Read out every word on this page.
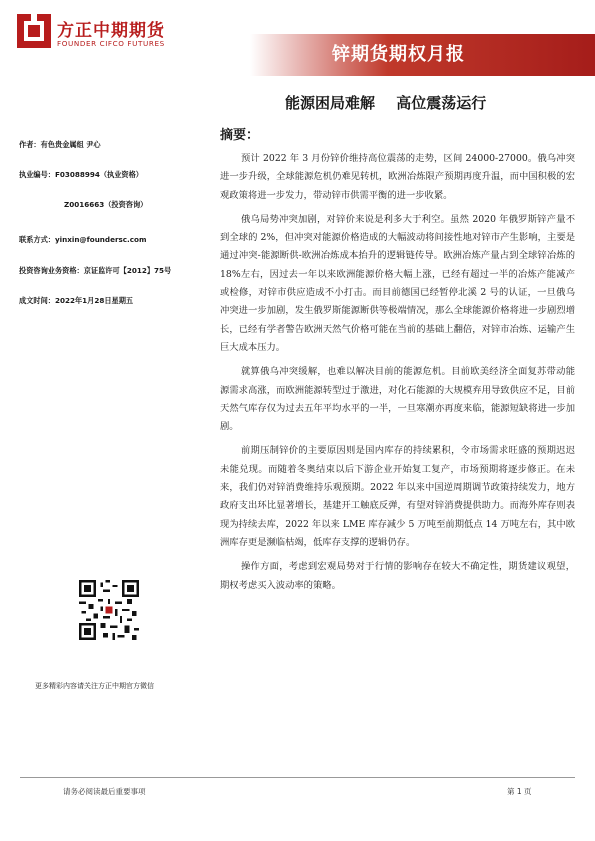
方正中期期货
FOUNDER CIFCO FUTURES
锌期货期权月报
能源困局难解 高位震荡运行
作者：有色贵金属组 尹心
执业编号：F03088994（执业资格）
Z0016663（投资咨询）
联系方式：yinxin@foundersc.com
投资咨询业务资格：京证监许可【2012】75号
成文时间：2022年1月28日星期五
更多精彩内容请关注方正中期官方微信
摘要：

预计 2022 年 3 月份锌价维持高位震荡的走势，区间 24000-27000。俄乌冲突进一步升级，全球能源危机仍难见转机，欧洲冶炼限产预期再度升温，而中国积极的宏观政策将进一步发力，带动锌市供需平衡的进一步收紧。

俄乌局势冲突加剧，对锌价来说是利多大于利空。虽然 2020 年俄罗斯锌产量不到全球的 2%，但冲突对能源价格造成的大幅波动将间接性地对锌市产生影响，主要是通过冲突-能源断供-欧洲冶炼成本抬升的逻辑链传导。欧洲冶炼产量占到全球锌冶炼的 18%左右，因过去一年以来欧洲能源价格大幅上涨，已经有超过一半的冶炼产能减产或检修，对锌市供应造成不小打击。而目前德国已经暂停北溪 2 号的认证，一旦俄乌冲突进一步加剧，发生俄罗斯能源断供等极端情况，那么全球能源价格将进一步剧烈增长，已经有学者警告欧洲天然气价格可能在当前的基础上翻倍，对锌市冶炼、运输产生巨大成本压力。

就算俄乌冲突缓解，也难以解决目前的能源危机。目前欧美经济全面复苏带动能源需求高涨，而欧洲能源转型过于激进，对化石能源的大规模弃用导致供应不足，目前天然气库存仅为过去五年平均水平的一半，一旦寒潮亦再度来临，能源短缺将进一步加剧。

前期压制锌价的主要原因则是国内库存的持续累积，令市场需求旺盛的预期迟迟未能兑现。而随着冬奥结束以后下游企业开始复工复产，市场预期将逐步修正。在未来，我们仍对锌消费维持乐观预期。2022 年以来中国逆周期调节政策持续发力，地方政府支出环比显著增长，基建开工触底反弹，有望对锌消费提供助力。而海外库存则表现为持续去库，2022 年以来 LME 库存减少 5 万吨至前期低点 14 万吨左右，其中欧洲库存更是濒临枯竭，低库存支撑的逻辑仍存。

操作方面，考虑到宏观局势对于行情的影响存在较大不确定性，期货建议观望，期权考虑买入波动率的策略。

请务必阅读最后重要事项	第 1 页
